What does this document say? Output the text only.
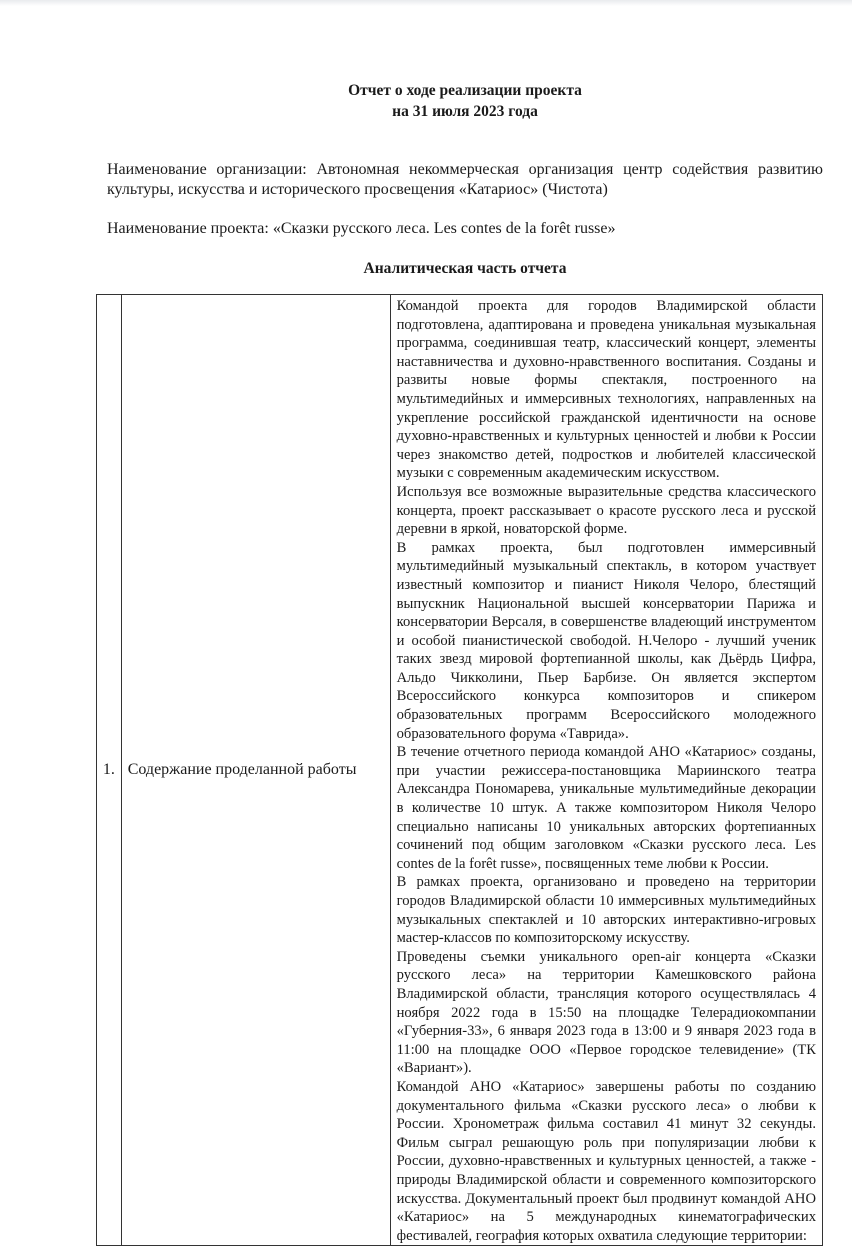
Отчет о ходе реализации проекта
на 31 июля 2023 года
Наименование организации: Автономная некоммерческая организация центр содействия развитию культуры, искусства и исторического просвещения «Катариос» (Чистота)
Наименование проекта: «Сказки русского леса. Les contes de la forêt russe»
Аналитическая часть отчета
1.	Содержание проделанной работы	

Командой проекта для городов Владимирской области подготовлена, адаптирована и проведена уникальная музыкальная программа, соединившая театр, классический концерт, элементы наставничества и духовно-нравственного воспитания. Созданы и развиты новые формы спектакля, построенного на мультимедийных и иммерсивных технологиях, направленных на укрепление российской гражданской идентичности на основе духовно-нравственных и культурных ценностей и любви к России через знакомство детей, подростков и любителей классической музыки с современным академическим искусством.

Используя все возможные выразительные средства классического концерта, проект рассказывает о красоте русского леса и русской деревни в яркой, новаторской форме.

В рамках проекта, был подготовлен иммерсивный мультимедийный музыкальный спектакль, в котором участвует известный композитор и пианист Николя Челоро, блестящий выпускник Национальной высшей консерватории Парижа и консерватории Версаля, в совершенстве владеющий инструментом и особой пианистической свободой. Н.Челоро - лучший ученик таких звезд мировой фортепианной школы, как Дьёрдь Цифра, Альдо Чикколини, Пьер Барбизе. Он является экспертом Всероссийского конкурса композиторов и спикером образовательных программ Всероссийского молодежного образовательного форума «Таврида».

В течение отчетного периода командой АНО «Катариос» созданы, при участии режиссера-постановщика Мариинского театра Александра Пономарева, уникальные мультимедийные декорации в количестве 10 штук. А также композитором Николя Челоро специально написаны 10 уникальных авторских фортепианных сочинений под общим заголовком «Сказки русского леса. Les contes de la forêt russe», посвященных теме любви к России.

В рамках проекта, организовано и проведено на территории городов Владимирской области 10 иммерсивных мультимедийных музыкальных спектаклей и 10 авторских интерактивно-игровых мастер-классов по композиторскому искусству.

Проведены съемки уникального open-air концерта «Сказки русского леса» на территории Камешковского района Владимирской области, трансляция которого осуществлялась 4 ноября 2022 года в 15:50 на площадке Телерадиокомпании «Губерния-33», 6 января 2023 года в 13:00 и 9 января 2023 года в 11:00 на площадке ООО «Первое городское телевидение» (ТК «Вариант»).

Командой АНО «Катариос» завершены работы по созданию документального фильма «Сказки русского леса» о любви к России. Хронометраж фильма составил 41 минут 32 секунды. Фильм сыграл решающую роль при популяризации любви к России, духовно-нравственных и культурных ценностей, а также - природы Владимирской области и современного композиторского искусства. Документальный проект был продвинут командой АНО «Катариос» на 5 международных кинематографических фестивалей, география которых охватила следующие территории:
